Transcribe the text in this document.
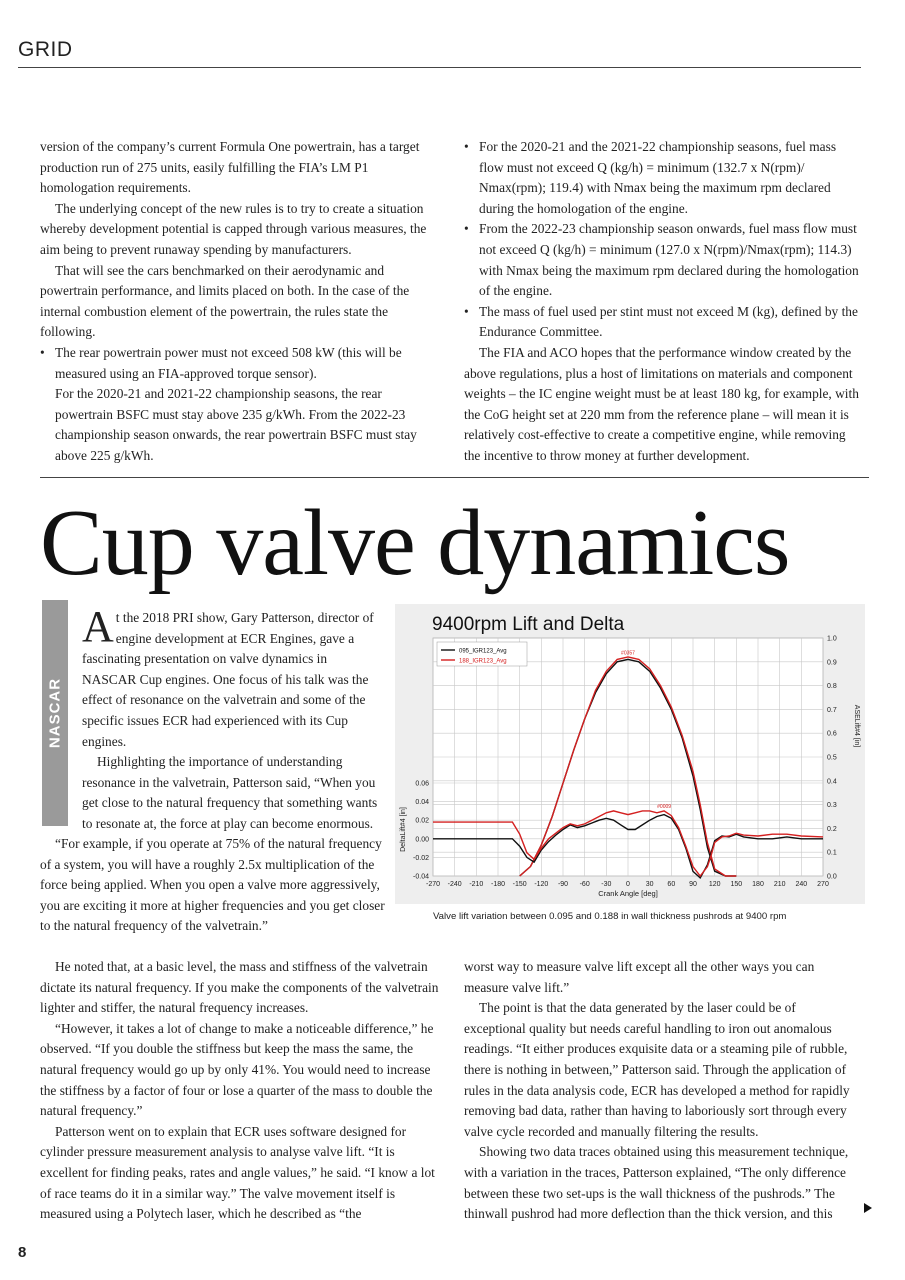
GRID

version of the company’s current Formula One powertrain, has a target production run of 275 units, easily fulfilling the FIA’s LM P1 homologation requirements.

The underlying concept of the new rules is to try to create a situation whereby development potential is capped through various measures, the aim being to prevent runaway spending by manufacturers.

That will see the cars benchmarked on their aerodynamic and powertrain performance, and limits placed on both. In the case of the internal combustion element of the powertrain, the rules state the following.

• The rear powertrain power must not exceed 508 kW (this will be measured using an FIA-approved torque sensor).

For the 2020-21 and 2021-22 championship seasons, the rear powertrain BSFC must stay above 235 g/kWh. From the 2022-23 championship season onwards, the rear powertrain BSFC must stay above 225 g/kWh.

• For the 2020-21 and the 2021-22 championship seasons, fuel mass flow must not exceed Q (kg/h) = minimum (132.7 x N(rpm)/ Nmax(rpm); 119.4) with Nmax being the maximum rpm declared during the homologation of the engine.
• From the 2022-23 championship season onwards, fuel mass flow must not exceed Q (kg/h) = minimum (127.0 x N(rpm)/Nmax(rpm); 114.3) with Nmax being the maximum rpm declared during the homologation of the engine.
• The mass of fuel used per stint must not exceed M (kg), defined by the Endurance Committee.

The FIA and ACO hopes that the performance window created by the above regulations, plus a host of limitations on materials and component weights – the IC engine weight must be at least 180 kg, for example, with the CoG height set at 220 mm from the reference plane – will mean it is relatively cost-effective to create a competitive engine, while removing the incentive to throw money at further development.

Cup valve dynamics
NASCAR

At the 2018 PRI show, Gary Patterson, director of engine development at ECR Engines, gave a fascinating presentation on valve dynamics in NASCAR Cup engines. One focus of his talk was the effect of resonance on the valvetrain and some of the specific issues ECR had experienced with its Cup engines.

Highlighting the importance of understanding resonance in the valvetrain, Patterson said, “When you get close to the natural frequency that something wants to resonate at, the force at play can become enormous.

“For example, if you operate at 75% of the natural frequency of a system, you will have a roughly 2.5x multiplication of the force being applied. When you open a valve more aggressively, you are exciting it more at higher frequencies and you get closer to the natural frequency of the valvetrain.”

-270 -240 -210 -180 -150 -120 -90 -60 -30 0 30 60 90 120 150 180 210 240 270
1.0
0.9
0.8
0.7
0.6
0.5
0.4
0.3
0.2
0.1
0.0
0.06
0.04
0.02
0.00
-0.02
-0.04
9400rpm Lift and Delta
Crank Angle [deg]
DeltaLift#4 [in]
ASELift#4 [in]
095_IGR123_Avg
188_IGR123_Avg
#0357
#0009
Valve lift variation between 0.095 and 0.188 in wall thickness pushrods at 9400 rpm

He noted that, at a basic level, the mass and stiffness of the valvetrain dictate its natural frequency. If you make the components of the valvetrain lighter and stiffer, the natural frequency increases.

“However, it takes a lot of change to make a noticeable difference,” he observed. “If you double the stiffness but keep the mass the same, the natural frequency would go up by only 41%. You would need to increase the stiffness by a factor of four or lose a quarter of the mass to double the natural frequency.”

Patterson went on to explain that ECR uses software designed for cylinder pressure measurement analysis to analyse valve lift. “It is excellent for finding peaks, rates and angle values,” he said. “I know a lot of race teams do it in a similar way.” The valve movement itself is measured using a Polytech laser, which he described as “the

worst way to measure valve lift except all the other ways you can measure valve lift.”

The point is that the data generated by the laser could be of exceptional quality but needs careful handling to iron out anomalous readings. “It either produces exquisite data or a steaming pile of rubble, there is nothing in between,” Patterson said. Through the application of rules in the data analysis code, ECR has developed a method for rapidly removing bad data, rather than having to laboriously sort through every valve cycle recorded and manually filtering the results.

Showing two data traces obtained using this measurement technique, with a variation in the traces, Patterson explained, “The only difference between these two set-ups is the wall thickness of the pushrods.” The thinwall pushrod had more deflection than the thick version, and this

8
